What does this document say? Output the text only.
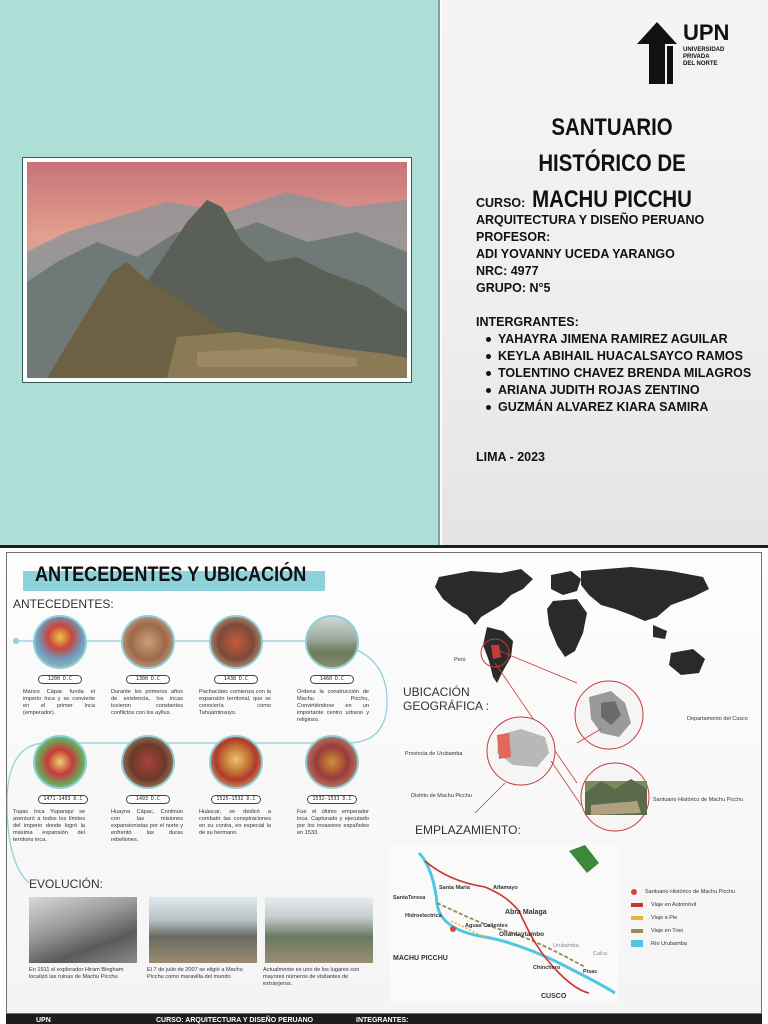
UPN
UNIVERSIDAD
PRIVADA
DEL NORTE
SANTUARIO HISTÓRICO DE
MACHU PICCHU
CURSO:
ARQUITECTURA Y DISEÑO PERUANO
PROFESOR:
ADI YOVANNY UCEDA YARANGO
NRC: 4977
GRUPO: N°5
INTERGRANTES:
YAHAYRA JIMENA RAMIREZ AGUILAR
KEYLA ABIHAIL HUACALSAYCO RAMOS
TOLENTINO CHAVEZ BRENDA MILAGROS
ARIANA JUDITH ROJAS ZENTINO
GUZMÁN ALVAREZ KIARA SAMIRA
LIMA - 2023
ANTECEDENTES Y UBICACIÓN
ANTECEDENTES:
1200 D.C	1300 D.C	1438 D.C	1460 D.C
Manco Cápac funda el imperio Inca y se convierte en el primer Inca (emperador).
Durante los primeros años de existencia, los incas tuvieron constantes conflictos con los ayllus.
Pachacútec comienza con la expansión territorial, que se conocería como Tahuantinsuyo.
Ordena la construcción de Machu Picchu, Convirtiéndose en un importante centro urbano y religioso.
1471-1493 D.C	1493 D.C	1525-1532 D.C	1532-1533 D.C
Tupac Inca Yupanqui se aventuró a todos los límites del imperio donde logró la máxima expansión del territorio inca.
Huayna Cápac, Continúo con las misiones expansionistas por el norte y enfrentó las duras rebeliones.
Huáscar, se dedicó a combatir las conspiraciones en su contra, en especial la de su hermano.
Fue el último emperador inca. Capturado y ejecutado por los invasores españoles en 1533.
EVOLUCIÓN:
En 1911 el explorador Hiram Bingham localizó las ruinas de Machu Picchu
El 7 de julio de 2007 se eligió a Machu Picchu como maravilla del mundo
Actualmente es uno de los lugares con mayores números de visitantes de extranjeros.
Perú
UBICACIÓN
GEOGRÁFICA :
Departamento del Cusco
Provincia de Urubamba
Distrito de Machu Picchu
Santuario Histórico de Machu Picchu
EMPLAZAMIENTO:
Santa Maria	Alfamayo
SantaTeresa
Abra Malaga
Hidroelectrica
Aguas Calientes
Ollantaytambo
MACHU PICCHU
Urubamba
Calca
Chinchero
Pisac
CUSCO
Santuario Histórico de Machu Picchu
Viaje en Automóvil
Viaje a Pie
Viaje en Tren
Río Urubamba
UPN	CURSO: ARQUITECTURA Y DISEÑO PERUANO	INTEGRANTES:
